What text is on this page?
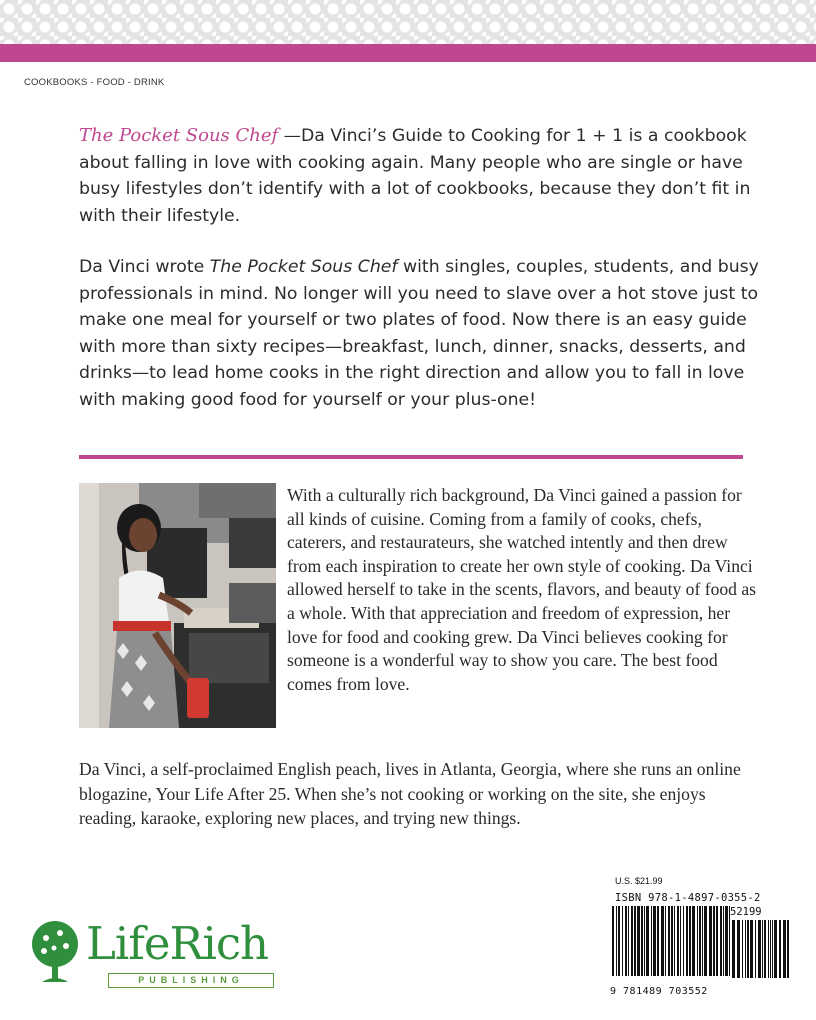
COOKBOOKS - FOOD - DRINK

The Pocket Sous Chef —Da Vinci’s Guide to Cooking for 1 + 1 is a cookbook about falling in love with cooking again. Many people who are single or have busy lifestyles don’t identify with a lot of cookbooks, because they don’t fit in with their lifestyle.

Da Vinci wrote The Pocket Sous Chef with singles, couples, students, and busy professionals in mind. No longer will you need to slave over a hot stove just to make one meal for yourself or two plates of food. Now there is an easy guide with more than sixty recipes—breakfast, lunch, dinner, snacks, desserts, and drinks—to lead home cooks in the right direction and allow you to fall in love with making good food for yourself or your plus-one!

With a culturally rich background, Da Vinci gained a passion for all kinds of cuisine. Coming from a family of cooks, chefs, caterers, and restaurateurs, she watched intently and then drew from each inspiration to create her own style of cooking. Da Vinci allowed herself to take in the scents, flavors, and beauty of food as a whole. With that appreciation and freedom of expression, her love for food and cooking grew. Da Vinci believes cooking for someone is a wonderful way to show you care. The best food comes from love.

Da Vinci, a self-proclaimed English peach, lives in Atlanta, Georgia, where she runs an online blogazine, Your Life After 25. When she’s not cooking or working on the site, she enjoys reading, karaoke, exploring new places, and trying new things.

LifeRich
PUBLISHING
U.S. $21.99
ISBN 978-1-4897-0355-2
52199
9 781489 703552
